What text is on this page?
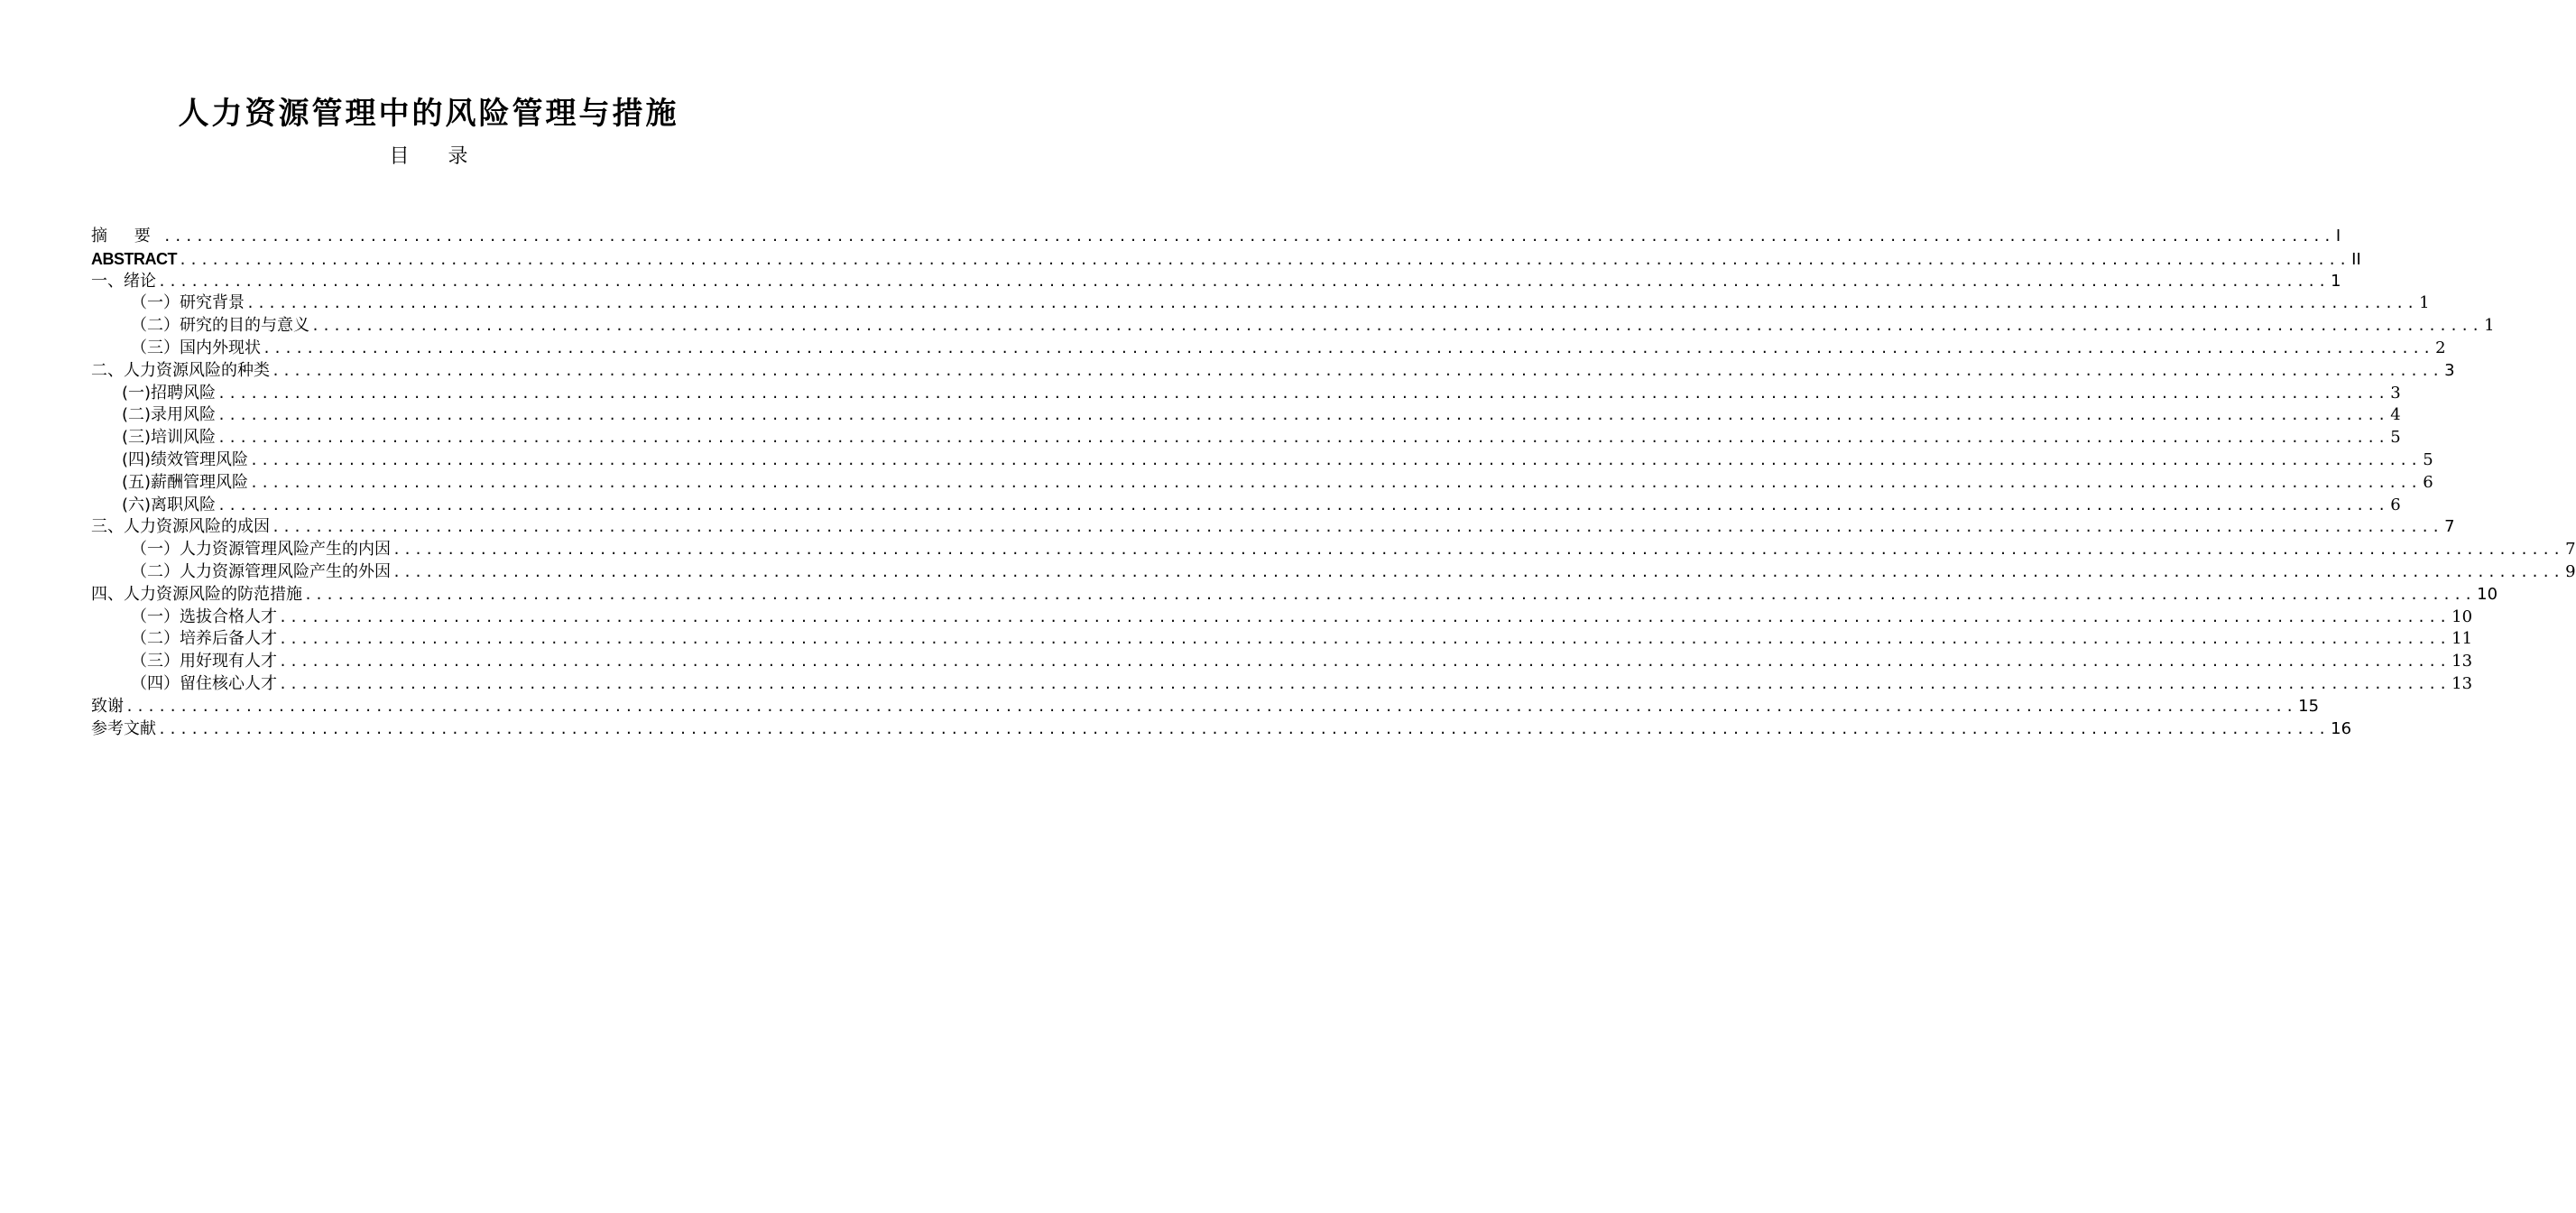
人力资源管理中的风险管理与措施
目 录
摘 要 ........................................................................................................................................................................................................ I
ABSTRACT ........................................................................................................................................................................................................ II
一、绪论 ........................................................................................................................................................................................................ 1
（一）研究背景 ........................................................................................................................................................................................................ 1
（二）研究的目的与意义 ........................................................................................................................................................................................................ 1
（三）国内外现状 ........................................................................................................................................................................................................ 2
二、人力资源风险的种类 ........................................................................................................................................................................................................ 3
(一)招聘风险 ........................................................................................................................................................................................................ 3
(二)录用风险 ........................................................................................................................................................................................................ 4
(三)培训风险 ........................................................................................................................................................................................................ 5
(四)绩效管理风险 ........................................................................................................................................................................................................ 5
(五)薪酬管理风险 ........................................................................................................................................................................................................ 6
(六)离职风险 ........................................................................................................................................................................................................ 6
三、人力资源风险的成因 ........................................................................................................................................................................................................ 7
（一）人力资源管理风险产生的内因 ........................................................................................................................................................................................................ 7
（二）人力资源管理风险产生的外因 ........................................................................................................................................................................................................ 9
四、人力资源风险的防范措施 ........................................................................................................................................................................................................ 10
（一）选拔合格人才 ........................................................................................................................................................................................................ 10
（二）培养后备人才 ........................................................................................................................................................................................................ 11
（三）用好现有人才 ........................................................................................................................................................................................................ 13
（四）留住核心人才 ........................................................................................................................................................................................................ 13
致谢 ........................................................................................................................................................................................................ 15
参考文献 ........................................................................................................................................................................................................ 16
